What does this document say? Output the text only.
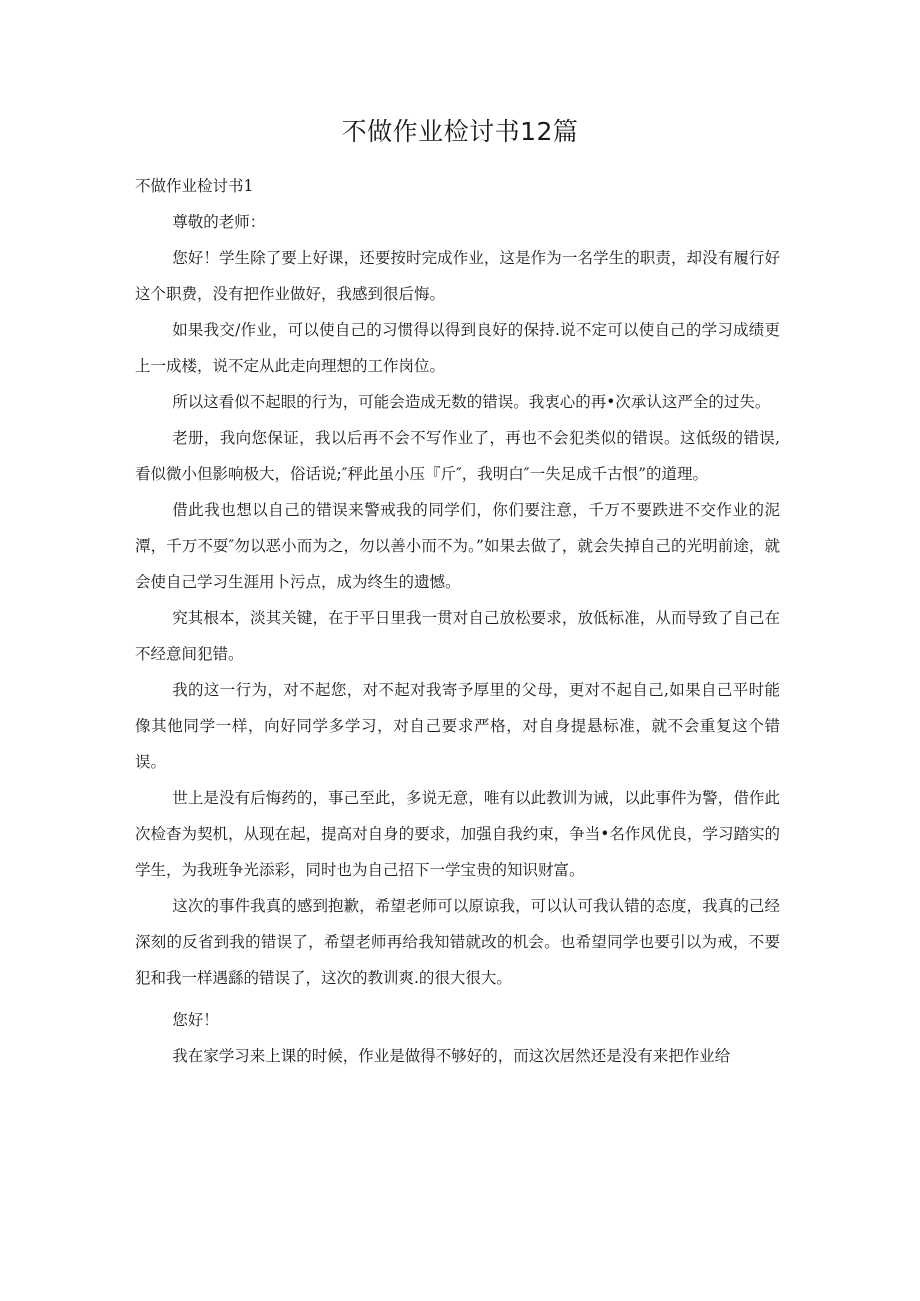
不做作业检讨书12篇

不做作业检讨书1

尊敬的老师：

您好！学生除了要上好课，还要按时完成作业，这是作为一名学生的职责，却没有履行好这个职费，没有把作业做好，我感到很后悔。

如果我交/作业，可以使自己的习惯得以得到良好的保持.说不定可以使自己的学习成绩更上一成楼，说不定从此走向理想的工作岗位。

所以这看似不起眼的行为，可能会造成无数的错误。我衷心的再•次承认这严全的过失。

老册，我向您保证，我以后再不会不写作业了，再也不会犯类似的错误。这低级的错误,看似微小但影响极大，俗话说;″秤此虽小压『斤″，我明白″一失足成千古恨”的道理。

借此我也想以自己的错误来警戒我的同学们，你们要注意，千万不要跌进不交作业的泥潭，千万不耍″勿以恶小而为之，勿以善小而不为。”如果去做了，就会失掉自己的光明前途，就会使自己学习生涯用卜污点，成为终生的遗憾。

究其根本，淡其关键，在于平日里我一贯对自己放松要求，放低标准，从而导致了自己在不经意间犯错。

我的这一行为，对不起您，对不起对我寄予厚里的父母，更对不起自己,如果自己平时能像其他同学一样，向好同学多学习，对自己要求严格，对自身提悬标准，就不会重复这个错误。

世上是没有后悔药的，事己至此，多说无意，唯有以此教训为诫，以此事件为警，借作此次检杳为契机，从现在起，提高对自身的要求，加强自我约束，争当•名作风优良，学习踏实的学生，为我班争光添彩，同时也为自己招下一学宝贵的知识财富。

这次的事件我真的感到抱歉，希望老师可以原谅我，可以认可我认错的态度，我真的己经深刻的反省到我的错误了，希望老师再给我知错就改的机会。也希望同学也要引以为戒，不要犯和我一样遇繇的错误了，这次的教训爽.的很大很大。

您好！

我在家学习来上课的时候，作业是做得不够好的，而这次居然还是没有来把作业给
